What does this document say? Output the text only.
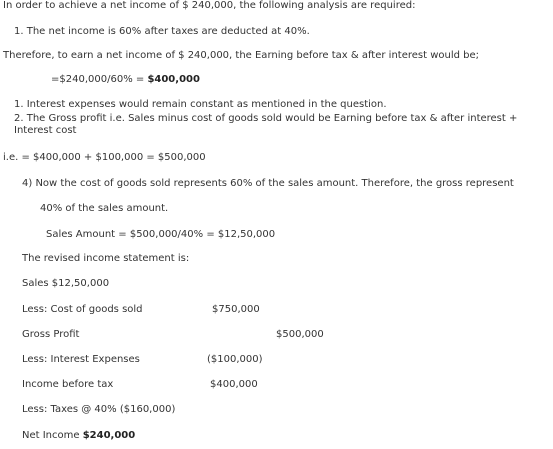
In order to achieve a net income of $ 240,000, the following analysis are required:
1. The net income is 60% after taxes are deducted at 40%.
Therefore, to earn a net income of $ 240,000, the Earning before tax & after interest would be;
=$240,000/60% = $400,000
1. Interest expenses would remain constant as mentioned in the question.
2. The Gross profit i.e. Sales minus cost of goods sold would be Earning before tax & after interest + Interest cost
i.e. = $400,000 + $100,000 = $500,000
4) Now the cost of goods sold represents 60% of the sales amount. Therefore, the gross represent
40% of the sales amount.
Sales Amount = $500,000/40% = $12,50,000
The revised income statement is:
Sales $12,50,000
Less: Cost of goods sold	$750,000
Gross Profit	$500,000
Less: Interest Expenses	($100,000)
Income before tax	$400,000
Less: Taxes @ 40% ($160,000)
Net Income $240,000
